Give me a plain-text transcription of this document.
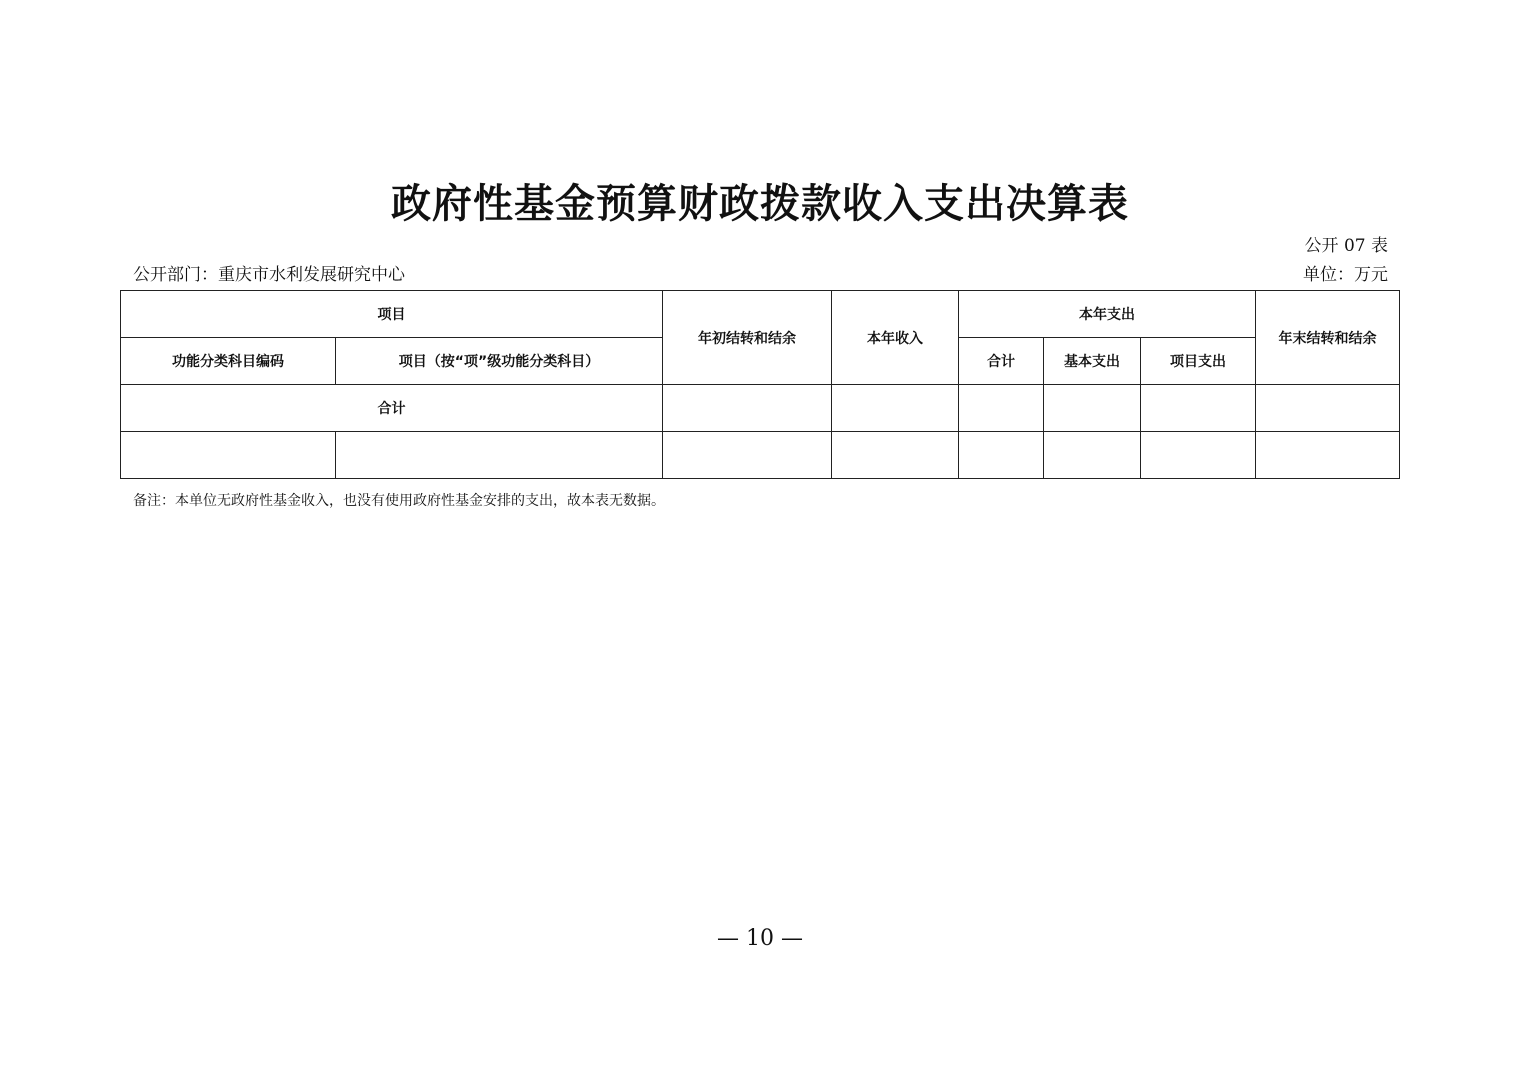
政府性基金预算财政拨款收入支出决算表
公开 07 表
公开部门：重庆市水利发展研究中心	单位：万元
项目		年初结转和结余	本年收入	本年支出			年末结转和结余
功能分类科目编码	项目（按“项”级功能分类科目）			合计	基本支出	项目支出	
合计							

备注：本单位无政府性基金收入，也没有使用政府性基金安排的支出，故本表无数据。
— 10 —
